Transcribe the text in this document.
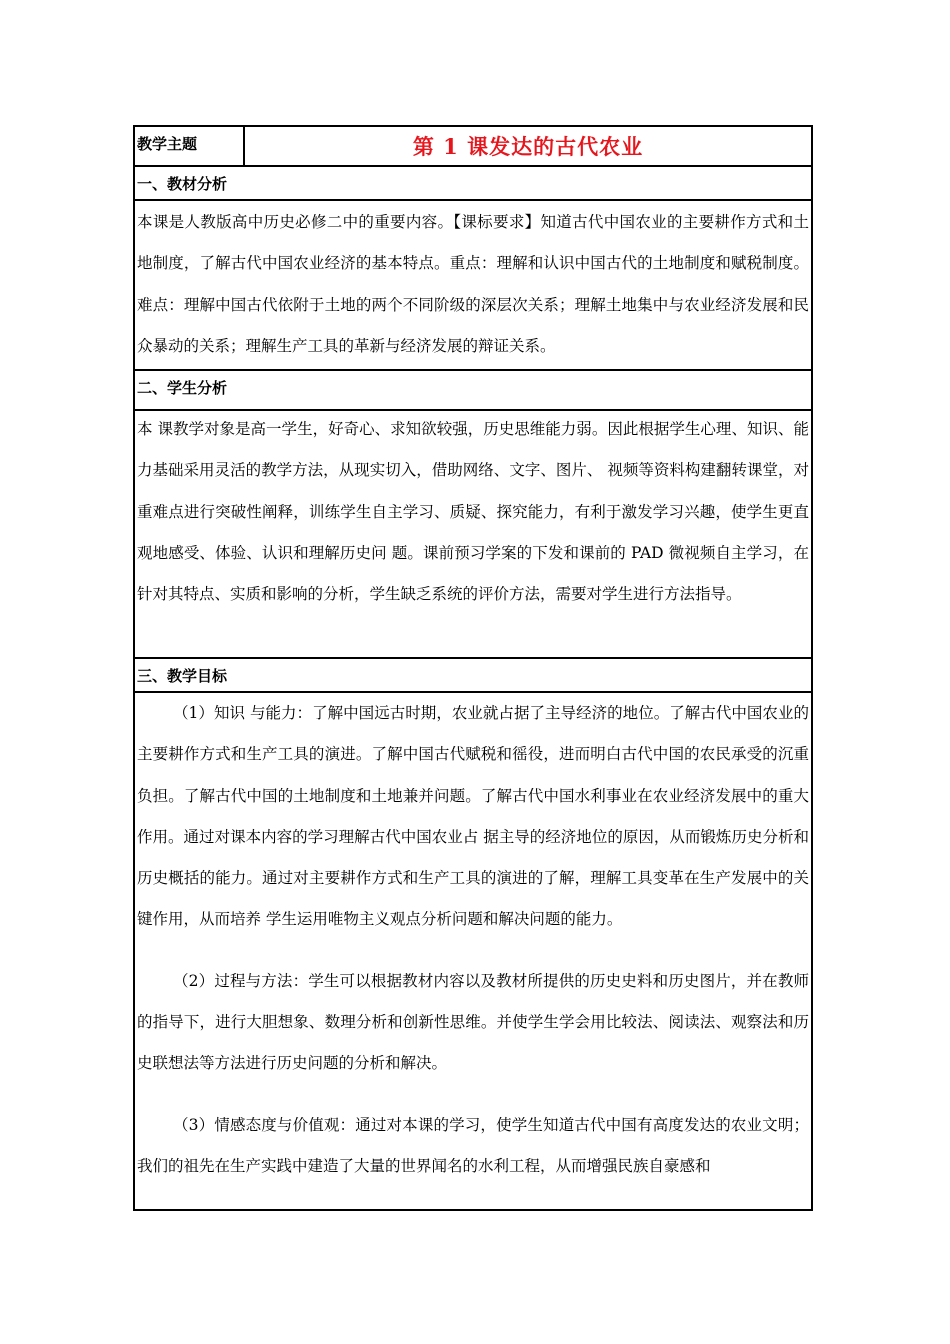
教学主题	第 1 课发达的古代农业
一、教材分析

本课是人教版高中历史必修二中的重要内容。【课标要求】知道古代中国农业的主要耕作方式和土地制度，了解古代中国农业经济的基本特点。重点：理解和认识中国古代的土地制度和赋税制度。难点：理解中国古代依附于土地的两个不同阶级的深层次关系；理解土地集中与农业经济发展和民众暴动的关系；理解生产工具的革新与经济发展的辩证关系。

二、学生分析

本 课教学对象是高一学生，好奇心、求知欲较强，历史思维能力弱。因此根据学生心理、知识、能力基础采用灵活的教学方法，从现实切入，借助网络、文字、图片、 视频等资料构建翻转课堂，对重难点进行突破性阐释，训练学生自主学习、质疑、探究能力，有利于激发学习兴趣，使学生更直观地感受、体验、认识和理解历史问 题。课前预习学案的下发和课前的 PAD 微视频自主学习，在针对其特点、实质和影响的分析，学生缺乏系统的评价方法，需要对学生进行方法指导。

三、教学目标

（1）知识 与能力：了解中国远古时期，农业就占据了主导经济的地位。了解古代中国农业的主要耕作方式和生产工具的演进。了解中国古代赋税和徭役，进而明白古代中国的农民承受的沉重负担。了解古代中国的土地制度和土地兼并问题。了解古代中国水利事业在农业经济发展中的重大作用。通过对课本内容的学习理解古代中国农业占 据主导的经济地位的原因，从而锻炼历史分析和历史概括的能力。通过对主要耕作方式和生产工具的演进的了解，理解工具变革在生产发展中的关键作用，从而培养 学生运用唯物主义观点分析问题和解决问题的能力。

（2）过程与方法：学生可以根据教材内容以及教材所提供的历史史料和历史图片，并在教师的指导下，进行大胆想象、数理分析和创新性思维。并使学生学会用比较法、阅读法、观察法和历史联想法等方法进行历史问题的分析和解决。

（3）情感态度与价值观：通过对本课的学习，使学生知道古代中国有高度发达的农业文明；我们的祖先在生产实践中建造了大量的世界闻名的水利工程，从而增强民族自豪感和
